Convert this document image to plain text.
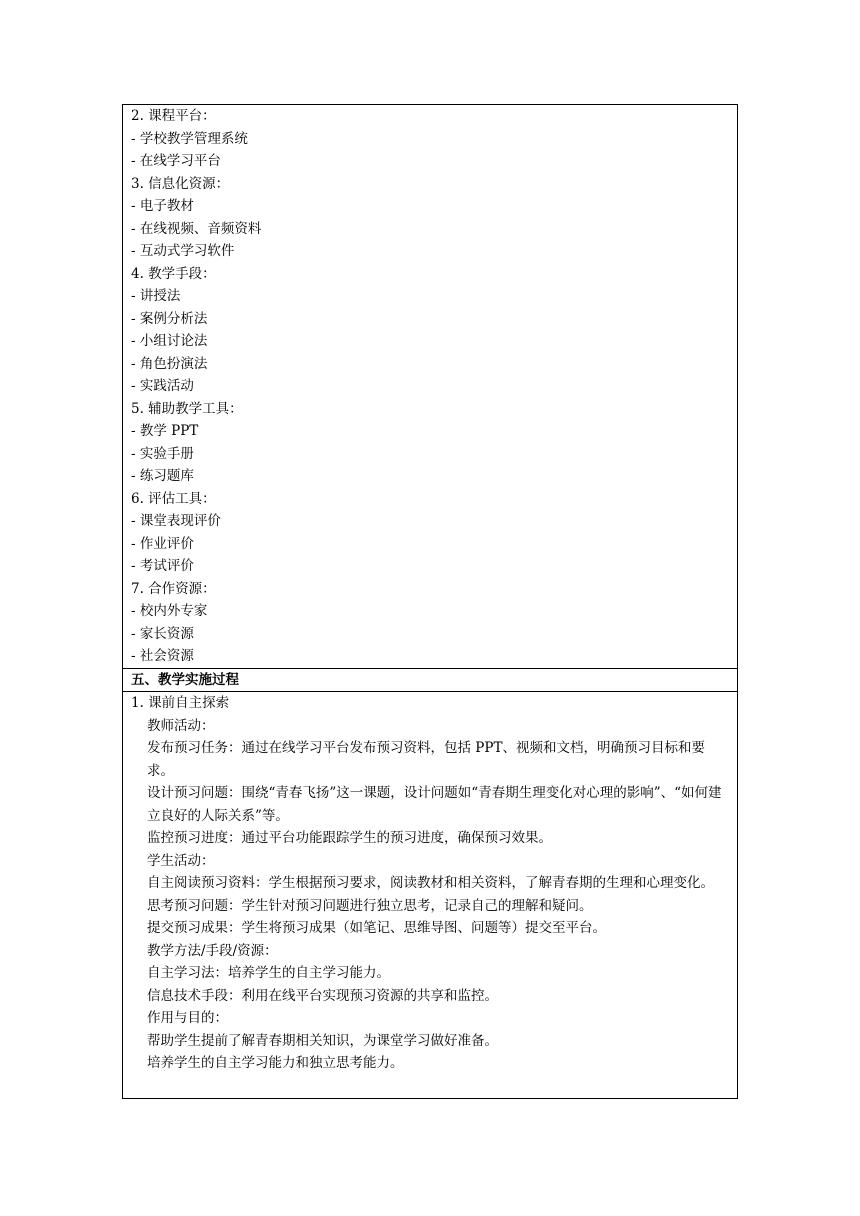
2. 课程平台：
- 学校教学管理系统
- 在线学习平台
3. 信息化资源：
- 电子教材
- 在线视频、音频资料
- 互动式学习软件
4. 教学手段：
- 讲授法
- 案例分析法
- 小组讨论法
- 角色扮演法
- 实践活动
5. 辅助教学工具：
- 教学 PPT
- 实验手册
- 练习题库
6. 评估工具：
- 课堂表现评价
- 作业评价
- 考试评价
7. 合作资源：
- 校内外专家
- 家长资源
- 社会资源
五、教学实施过程
1. 课前自主探索
教师活动：
发布预习任务：通过在线学习平台发布预习资料，包括 PPT、视频和文档，明确预习目标和要求。
设计预习问题：围绕“青春飞扬”这一课题，设计问题如“青春期生理变化对心理的影响”、“如何建立良好的人际关系”等。
监控预习进度：通过平台功能跟踪学生的预习进度，确保预习效果。
学生活动：
自主阅读预习资料：学生根据预习要求，阅读教材和相关资料，了解青春期的生理和心理变化。
思考预习问题：学生针对预习问题进行独立思考，记录自己的理解和疑问。
提交预习成果：学生将预习成果（如笔记、思维导图、问题等）提交至平台。
教学方法/手段/资源：
自主学习法：培养学生的自主学习能力。
信息技术手段：利用在线平台实现预习资源的共享和监控。
作用与目的：
帮助学生提前了解青春期相关知识，为课堂学习做好准备。
培养学生的自主学习能力和独立思考能力。
